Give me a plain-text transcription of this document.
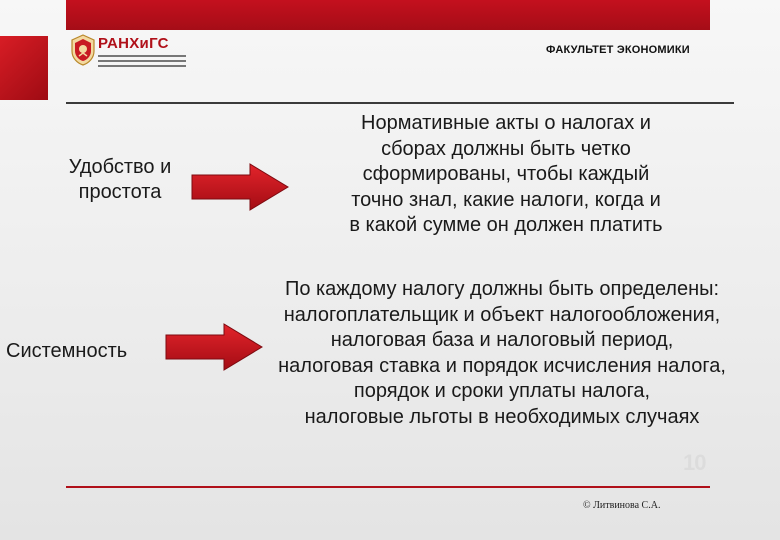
РАНХиГС	ФАКУЛЬТЕТ ЭКОНОМИКИ
Удобство и
простота
Нормативные акты о налогах и
сборах должны быть четко
сформированы, чтобы каждый
точно знал, какие налоги, когда и
в какой сумме он должен платить
Системность
По каждому налогу должны быть определены:
налогоплательщик и объект налогообложения,
налоговая база и налоговый период,
налоговая ставка и порядок исчисления налога,
порядок и сроки уплаты налога,
налоговые льготы в необходимых случаях
10
© Литвинова С.А.
